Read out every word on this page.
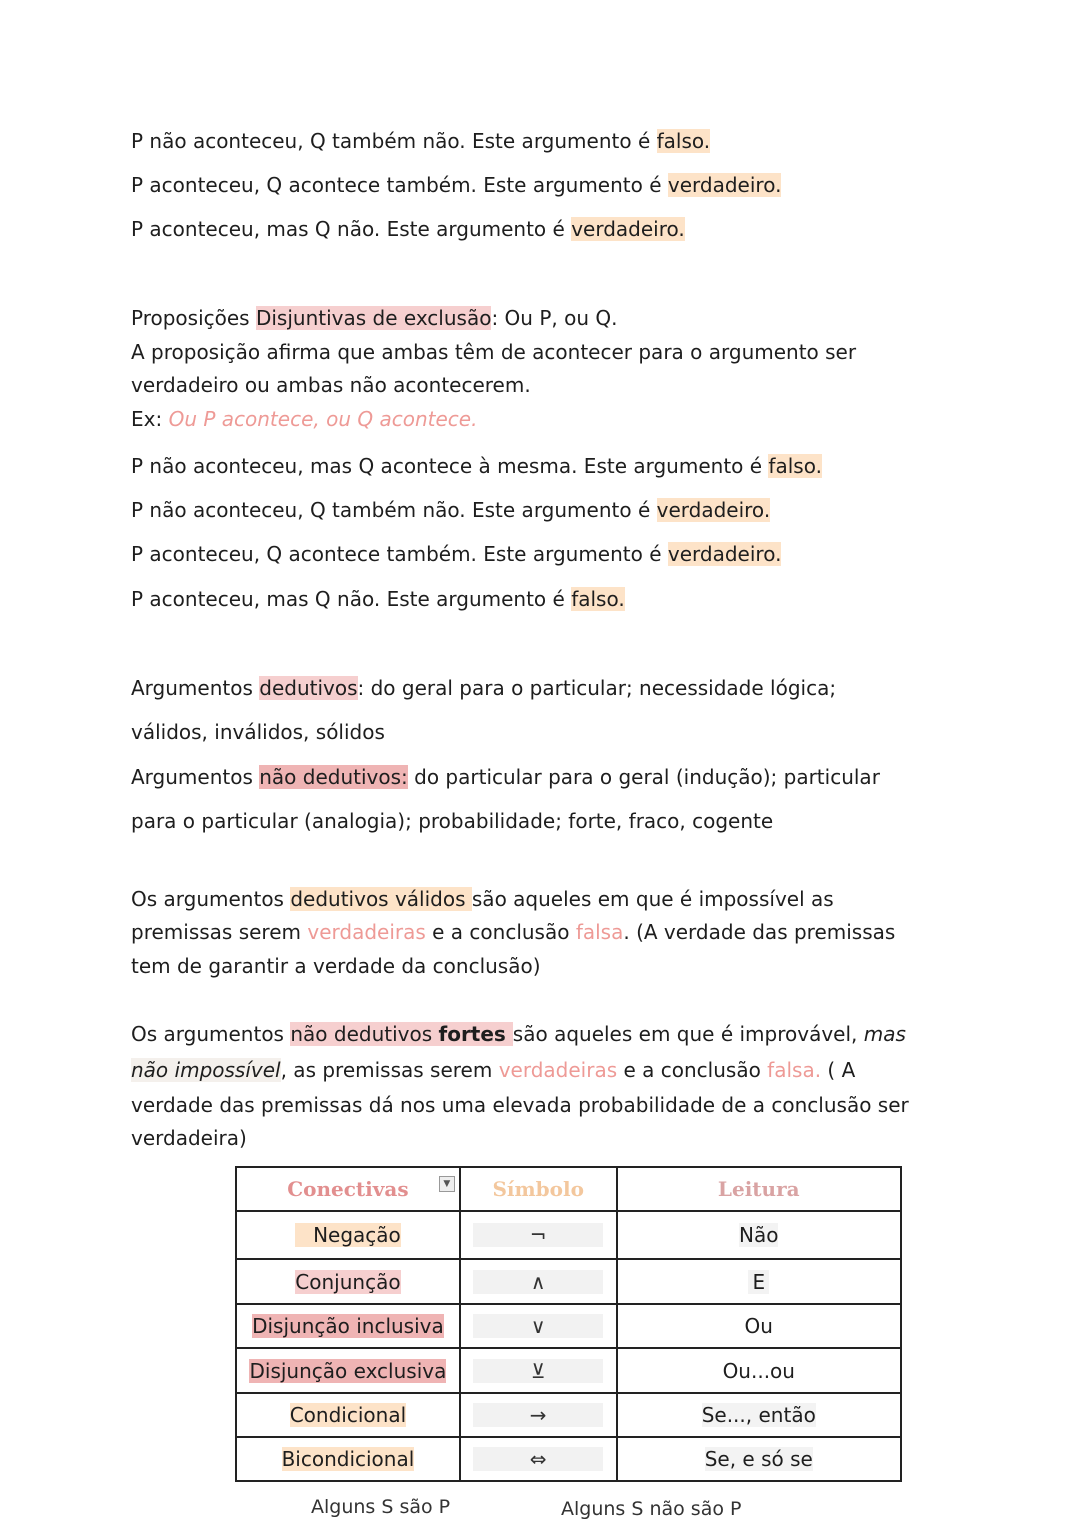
P não aconteceu, Q também não. Este argumento é falso.
P aconteceu, Q acontece também. Este argumento é verdadeiro.
P aconteceu, mas Q não. Este argumento é verdadeiro.
Proposições Disjuntivas de exclusão: Ou P, ou Q.
A proposição afirma que ambas têm de acontecer para o argumento ser
verdadeiro ou ambas não acontecerem.
Ex: Ou P acontece, ou Q acontece.
P não aconteceu, mas Q acontece à mesma. Este argumento é falso.
P não aconteceu, Q também não. Este argumento é verdadeiro.
P aconteceu, Q acontece também. Este argumento é verdadeiro.
P aconteceu, mas Q não. Este argumento é falso.
Argumentos dedutivos: do geral para o particular; necessidade lógica;
válidos, inválidos, sólidos
Argumentos não dedutivos: do particular para o geral (indução); particular
para o particular (analogia); probabilidade; forte, fraco, cogente
Os argumentos dedutivos válidos são aqueles em que é impossível as
premissas serem verdadeiras e a conclusão falsa. (A verdade das premissas
tem de garantir a verdade da conclusão)
Os argumentos não dedutivos fortes são aqueles em que é improvável, mas
não impossível, as premissas serem verdadeiras e a conclusão falsa. ( A
verdade das premissas dá nos uma elevada probabilidade de a conclusão ser
verdadeira)
Conectivas ▼	Símbolo	Leitura
Negação	¬	Não
Conjunção	∧	E
Disjunção inclusiva	∨	Ou
Disjunção exclusiva	⊻	Ou...ou
Condicional	→	Se..., então
Bicondicional	⇔	Se, e só se
Alguns S são P	Alguns S não são P
